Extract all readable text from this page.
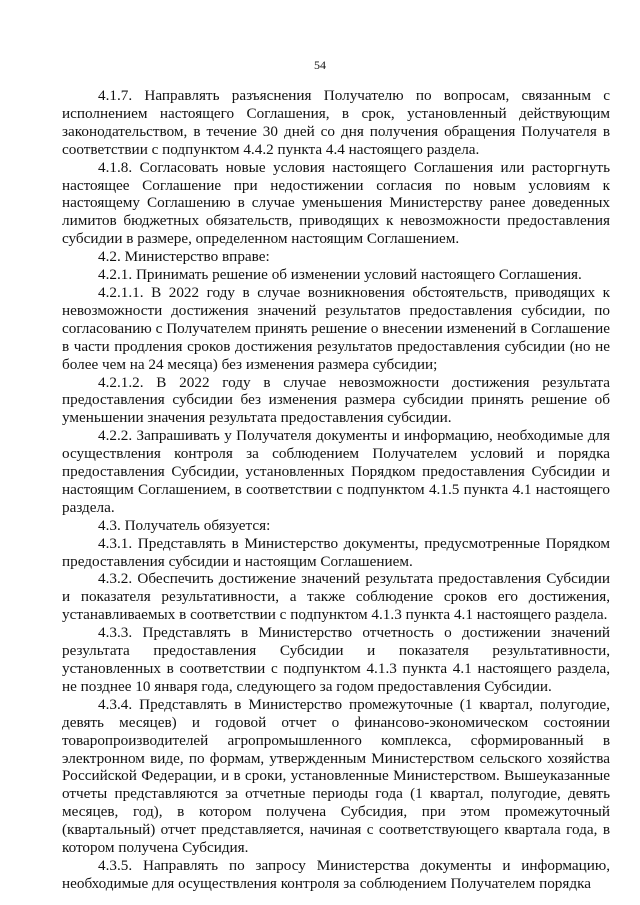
54

4.1.7. Направлять разъяснения Получателю по вопросам, связанным с исполнением настоящего Соглашения, в срок, установленный действующим законодательством, в течение 30 дней со дня получения обращения Получателя в соответствии с подпунктом 4.4.2 пункта 4.4 настоящего раздела.

4.1.8. Согласовать новые условия настоящего Соглашения или расторгнуть настоящее Соглашение при недостижении согласия по новым условиям к настоящему Соглашению в случае уменьшения Министерству ранее доведенных лимитов бюджетных обязательств, приводящих к невозможности предоставления субсидии в размере, определенном настоящим Соглашением.

4.2. Министерство вправе:

4.2.1. Принимать решение об изменении условий настоящего Соглашения.

4.2.1.1. В 2022 году в случае возникновения обстоятельств, приводящих к невозможности достижения значений результатов предоставления субсидии, по согласованию с Получателем принять решение о внесении изменений в Соглашение в части продления сроков достижения результатов предоставления субсидии (но не более чем на 24 месяца) без изменения размера субсидии;

4.2.1.2. В 2022 году в случае невозможности достижения результата предоставления субсидии без изменения размера субсидии принять решение об уменьшении значения результата предоставления субсидии.

4.2.2. Запрашивать у Получателя документы и информацию, необходимые для осуществления контроля за соблюдением Получателем условий и порядка предоставления Субсидии, установленных Порядком предоставления Субсидии и настоящим Соглашением, в соответствии с подпунктом 4.1.5 пункта 4.1 настоящего раздела.

4.3. Получатель обязуется:

4.3.1. Представлять в Министерство документы, предусмотренные Порядком предоставления субсидии и настоящим Соглашением.

4.3.2. Обеспечить достижение значений результата предоставления Субсидии и показателя результативности, а также соблюдение сроков его достижения, устанавливаемых в соответствии с подпунктом 4.1.3 пункта 4.1 настоящего раздела.

4.3.3. Представлять в Министерство отчетность о достижении значений результата предоставления Субсидии и показателя результативности, установленных в соответствии с подпунктом 4.1.3 пункта 4.1 настоящего раздела, не позднее 10 января года, следующего за годом предоставления Субсидии.

4.3.4. Представлять в Министерство промежуточные (1 квартал, полугодие, девять месяцев) и годовой отчет о финансово-экономическом состоянии товаропроизводителей агропромышленного комплекса, сформированный в электронном виде, по формам, утвержденным Министерством сельского хозяйства Российской Федерации, и в сроки, установленные Министерством. Вышеуказанные отчеты представляются за отчетные периоды года (1 квартал, полугодие, девять месяцев, год), в котором получена Субсидия, при этом промежуточный (квартальный) отчет представляется, начиная с соответствующего квартала года, в котором получена Субсидия.

4.3.5. Направлять по запросу Министерства документы и информацию, необходимые для осуществления контроля за соблюдением Получателем порядка
